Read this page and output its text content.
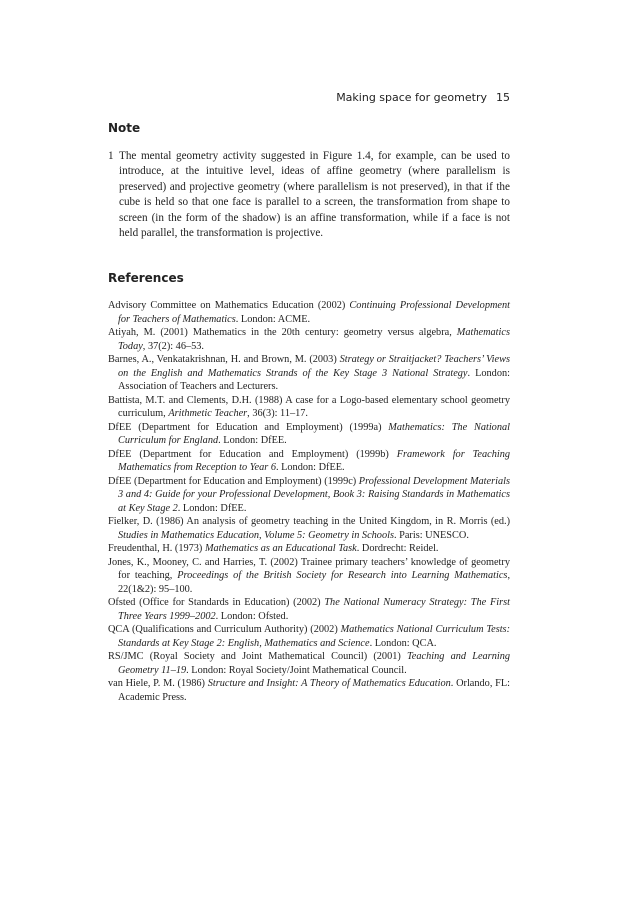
Making space for geometry 15
Note
1 The mental geometry activity suggested in Figure 1.4, for example, can be used to introduce, at the intuitive level, ideas of affine geometry (where parallelism is preserved) and projective geometry (where parallelism is not preserved), in that if the cube is held so that one face is parallel to a screen, the transformation from shape to screen (in the form of the shadow) is an affine transformation, while if a face is not held parallel, the transformation is projective.
References

Advisory Committee on Mathematics Education (2002) Continuing Professional Development for Teachers of Mathematics. London: ACME.

Atiyah, M. (2001) Mathematics in the 20th century: geometry versus algebra, Mathematics Today, 37(2): 46–53.

Barnes, A., Venkatakrishnan, H. and Brown, M. (2003) Strategy or Straitjacket? Teachers’ Views on the English and Mathematics Strands of the Key Stage 3 National Strategy. London: Association of Teachers and Lecturers.

Battista, M.T. and Clements, D.H. (1988) A case for a Logo-based elementary school geometry curriculum, Arithmetic Teacher, 36(3): 11–17.

DfEE (Department for Education and Employment) (1999a) Mathematics: The National Curriculum for England. London: DfEE.

DfEE (Department for Education and Employment) (1999b) Framework for Teaching Mathematics from Reception to Year 6. London: DfEE.

DfEE (Department for Education and Employment) (1999c) Professional Development Materials 3 and 4: Guide for your Professional Development, Book 3: Raising Standards in Mathematics at Key Stage 2. London: DfEE.

Fielker, D. (1986) An analysis of geometry teaching in the United Kingdom, in R. Morris (ed.) Studies in Mathematics Education, Volume 5: Geometry in Schools. Paris: UNESCO.

Freudenthal, H. (1973) Mathematics as an Educational Task. Dordrecht: Reidel.

Jones, K., Mooney, C. and Harries, T. (2002) Trainee primary teachers’ knowledge of geometry for teaching, Proceedings of the British Society for Research into Learning Mathematics, 22(1&2): 95–100.

Ofsted (Office for Standards in Education) (2002) The National Numeracy Strategy: The First Three Years 1999–2002. London: Ofsted.

QCA (Qualifications and Curriculum Authority) (2002) Mathematics National Curriculum Tests: Standards at Key Stage 2: English, Mathematics and Science. London: QCA.

RS/JMC (Royal Society and Joint Mathematical Council) (2001) Teaching and Learning Geometry 11–19. London: Royal Society/Joint Mathematical Council.

van Hiele, P. M. (1986) Structure and Insight: A Theory of Mathematics Education. Orlando, FL: Academic Press.
